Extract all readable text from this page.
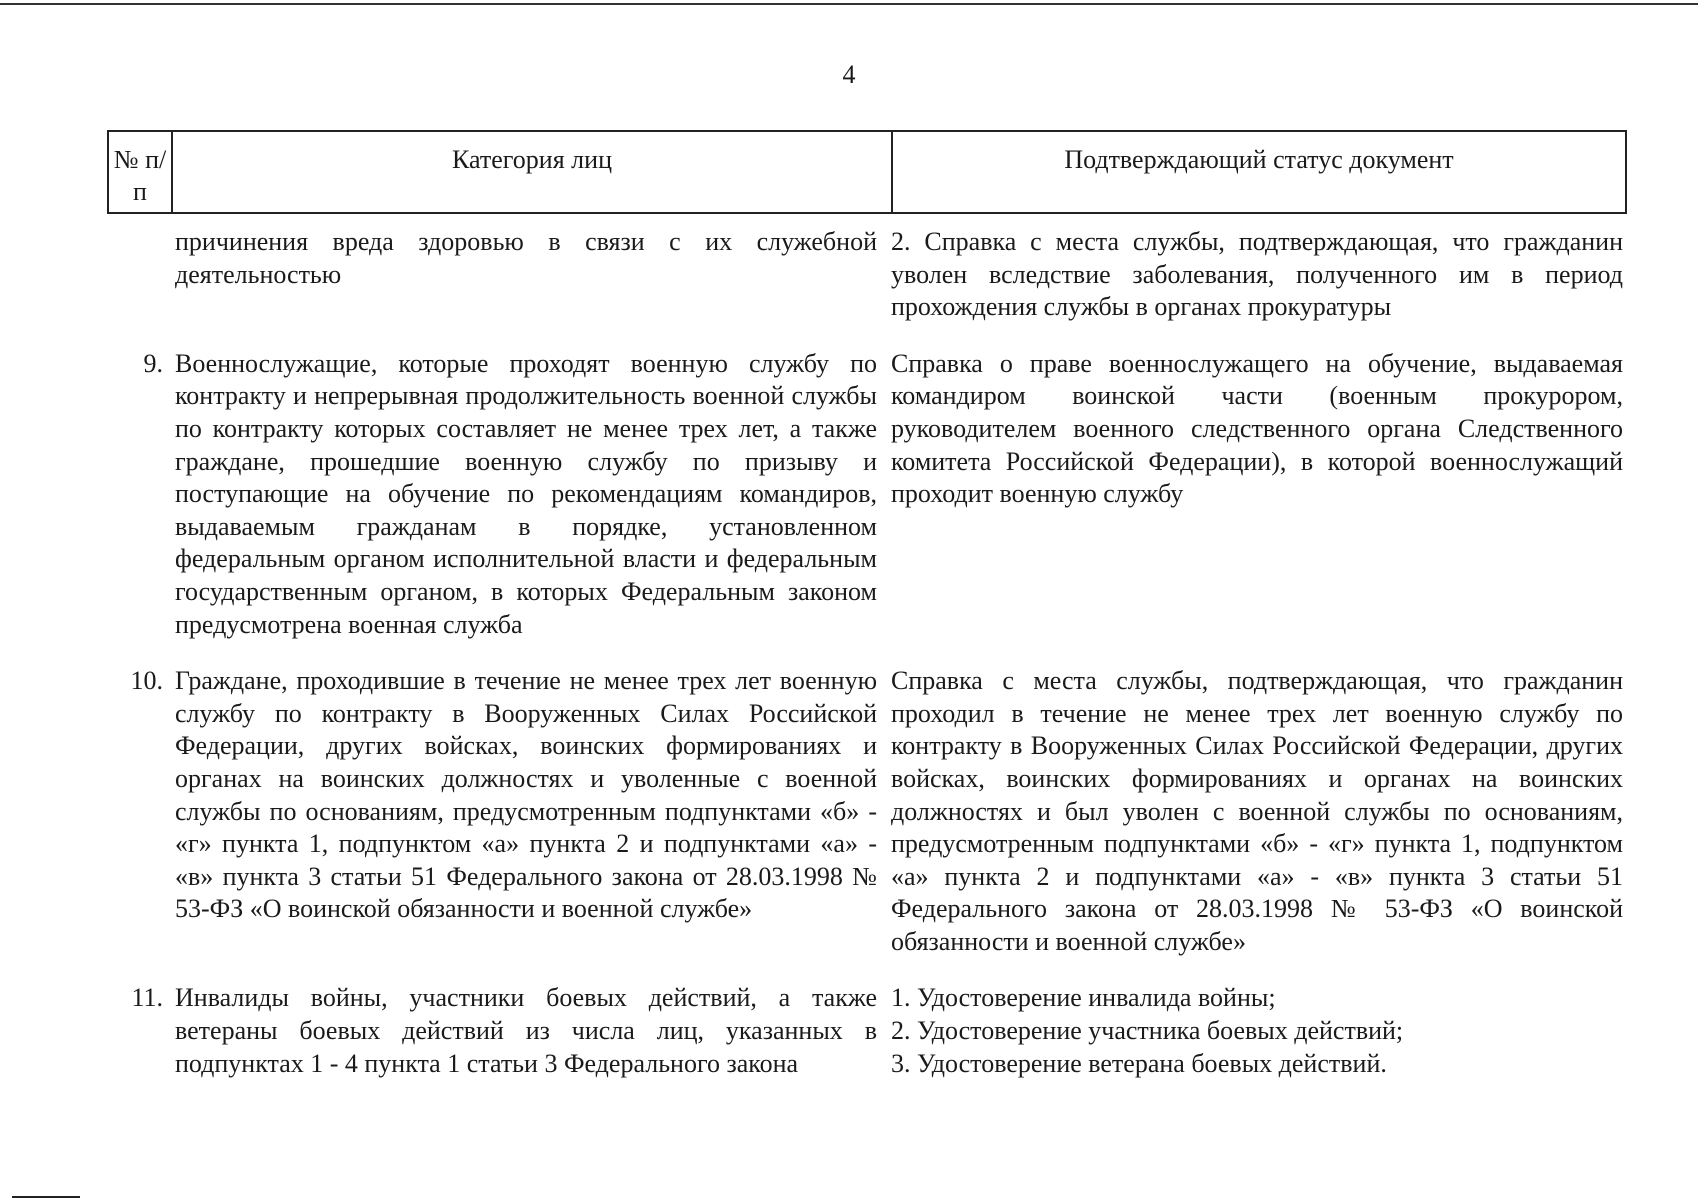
4
№ п/п
Категория лиц	Подтверждающий статус документ
причинения вреда здоровью в связи с их служебной деятельностью

2. Справка с места службы, подтверждающая, что гражданин уволен вследствие заболевания, полученного им в период прохождения службы в органах прокуратуры

9. Военнослужащие, которые проходят военную службу по контракту и непрерывная продолжительность военной службы по контракту которых составляет не менее трех лет, а также граждане, прошедшие военную службу по призыву и поступающие на обучение по рекомендациям командиров, выдаваемым гражданам в порядке, установленном федеральным органом исполнительной власти и федеральным государственным органом, в которых Федеральным законом предусмотрена военная служба

Справка о праве военнослужащего на обучение, выдаваемая командиром воинской части (военным прокурором, руководителем военного следственного органа Следственного комитета Российской Федерации), в которой военнослужащий проходит военную службу

10. Граждане, проходившие в течение не менее трех лет военную службу по контракту в Вооруженных Силах Российской Федерации, других войсках, воинских формированиях и органах на воинских должностях и уволенные с военной службы по основаниям, предусмотренным подпунктами «б» - «г» пункта 1, подпунктом «а» пункта 2 и подпунктами «а» - «в» пункта 3 статьи 51 Федерального закона от 28.03.1998 № 53-ФЗ «О воинской обязанности и военной службе»

Справка с места службы, подтверждающая, что гражданин проходил в течение не менее трех лет военную службу по контракту в Вооруженных Силах Российской Федерации, других войсках, воинских формированиях и органах на воинских должностях и был уволен с военной службы по основаниям, предусмотренным подпунктами «б» - «г» пункта 1, подпунктом «а» пункта 2 и подпунктами «а» - «в» пункта 3 статьи 51 Федерального закона от 28.03.1998 № 53-ФЗ «О воинской обязанности и военной службе»

11. Инвалиды войны, участники боевых действий, а также ветераны боевых действий из числа лиц, указанных в подпунктах 1 - 4 пункта 1 статьи 3 Федерального закона

1. Удостоверение инвалида войны;

2. Удостоверение участника боевых действий;

3. Удостоверение ветерана боевых действий.
